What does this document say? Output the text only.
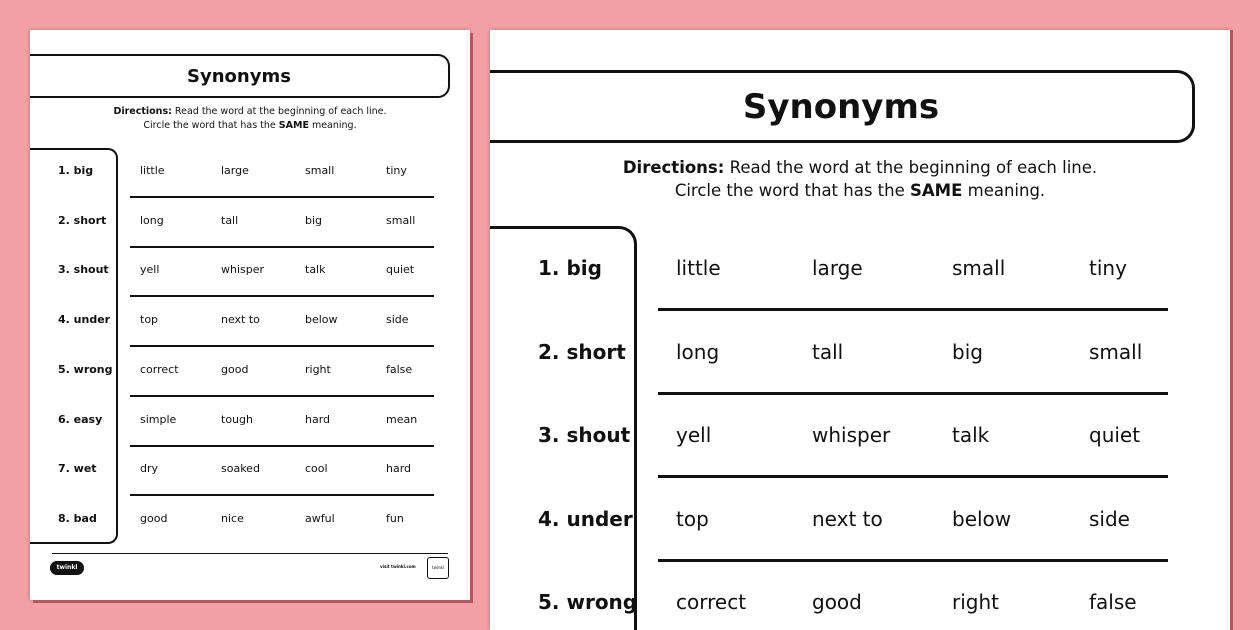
Synonyms
Directions: Read the word at the beginning of each line.
Circle the word that has the SAME meaning.
1. big	little	large	small	tiny
2. short	long	tall	big	small
3. shout	yell	whisper	talk	quiet
4. under	top	next to	below	side
5. wrong correct	good	right	false
6. easy	simple	tough	hard	mean
7. wet	dry	soaked	cool	hard
8. bad	good	nice	awful	fun
twinkl	visit twinkl.com	twinkl
Synonyms
Directions: Read the word at the beginning of each line.
Circle the word that has the SAME meaning.
1. big	little	large	small	tiny
2. short	long	tall	big	small
3. shout yell	whisper	talk	quiet
4. under top	next to	below	side
5. wrong correct	good	right	false
